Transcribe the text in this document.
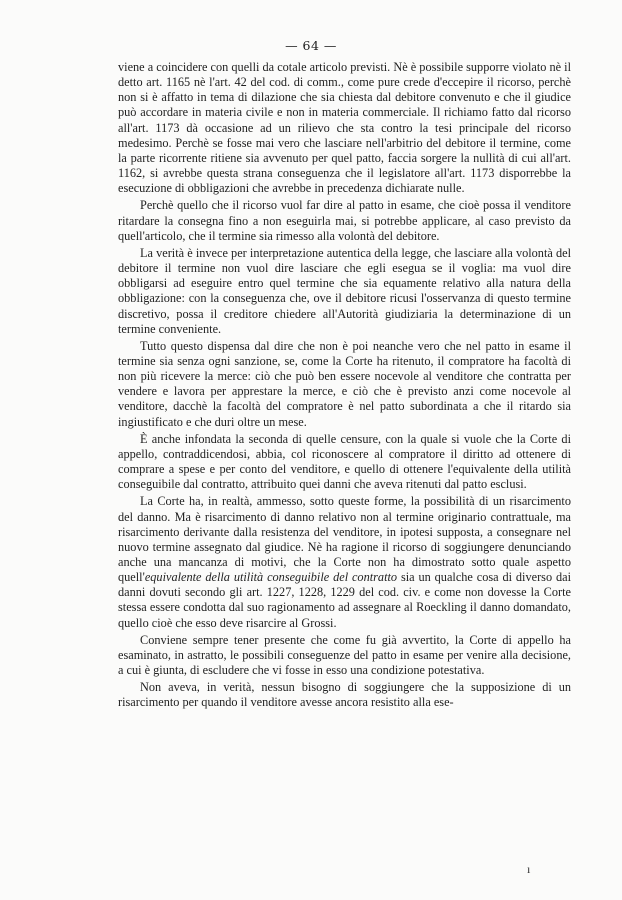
— 64 —

viene a coincidere con quelli da cotale articolo previsti. Nè è possibile supporre violato nè il detto art. 1165 nè l'art. 42 del cod. di comm., come pure crede d'eccepire il ricorso, perchè non si è affatto in tema di dilazione che sia chiesta dal debitore convenuto e che il giudice può accordare in materia civile e non in materia commerciale. Il richiamo fatto dal ricorso all'art. 1173 dà occasione ad un rilievo che sta contro la tesi principale del ricorso medesimo. Perchè se fosse mai vero che lasciare nell'arbitrio del debitore il termine, come la parte ricorrente ritiene sia avvenuto per quel patto, faccia sorgere la nullità di cui all'art. 1162, si avrebbe questa strana conseguenza che il legislatore all'art. 1173 disporrebbe la esecuzione di obbligazioni che avrebbe in precedenza dichiarate nulle.

Perchè quello che il ricorso vuol far dire al patto in esame, che cioè possa il venditore ritardare la consegna fino a non eseguirla mai, si potrebbe applicare, al caso previsto da quell'articolo, che il termine sia rimesso alla volontà del debitore.

La verità è invece per interpretazione autentica della legge, che lasciare alla volontà del debitore il termine non vuol dire lasciare che egli esegua se il voglia: ma vuol dire obbligarsi ad eseguire entro quel termine che sia equamente relativo alla natura della obbligazione: con la conseguenza che, ove il debitore ricusi l'osservanza di questo termine discretivo, possa il creditore chiedere all'Autorità giudiziaria la determinazione di un termine conveniente.

Tutto questo dispensa dal dire che non è poi neanche vero che nel patto in esame il termine sia senza ogni sanzione, se, come la Corte ha ritenuto, il compratore ha facoltà di non più ricevere la merce: ciò che può ben essere nocevole al venditore che contratta per vendere e lavora per apprestare la merce, e ciò che è previsto anzi come nocevole al venditore, dacchè la facoltà del compratore è nel patto subordinata a che il ritardo sia ingiustificato e che duri oltre un mese.

È anche infondata la seconda di quelle censure, con la quale si vuole che la Corte di appello, contraddicendosi, abbia, col riconoscere al compratore il diritto ad ottenere di comprare a spese e per conto del venditore, e quello di ottenere l'equivalente della utilità conseguibile dal contratto, attribuito quei danni che aveva ritenuti dal patto esclusi.

La Corte ha, in realtà, ammesso, sotto queste forme, la possibilità di un risarcimento del danno. Ma è risarcimento di danno relativo non al termine originario contrattuale, ma risarcimento derivante dalla resistenza del venditore, in ipotesi supposta, a consegnare nel nuovo termine assegnato dal giudice. Nè ha ragione il ricorso di soggiungere denunciando anche una mancanza di motivi, che la Corte non ha dimostrato sotto quale aspetto quell'equivalente della utilità conseguibile del contratto sia un qualche cosa di diverso dai danni dovuti secondo gli art. 1227, 1228, 1229 del cod. civ. e come non dovesse la Corte stessa essere condotta dal suo ragionamento ad assegnare al Roeckling il danno domandato, quello cioè che esso deve risarcire al Grossi.

Conviene sempre tener presente che come fu già avvertito, la Corte di appello ha esaminato, in astratto, le possibili conseguenze del patto in esame per venire alla decisione, a cui è giunta, di escludere che vi fosse in esso una condizione potestativa.

Non aveva, in verità, nessun bisogno di soggiungere che la supposizione di un risarcimento per quando il venditore avesse ancora resistito alla ese-

ı
